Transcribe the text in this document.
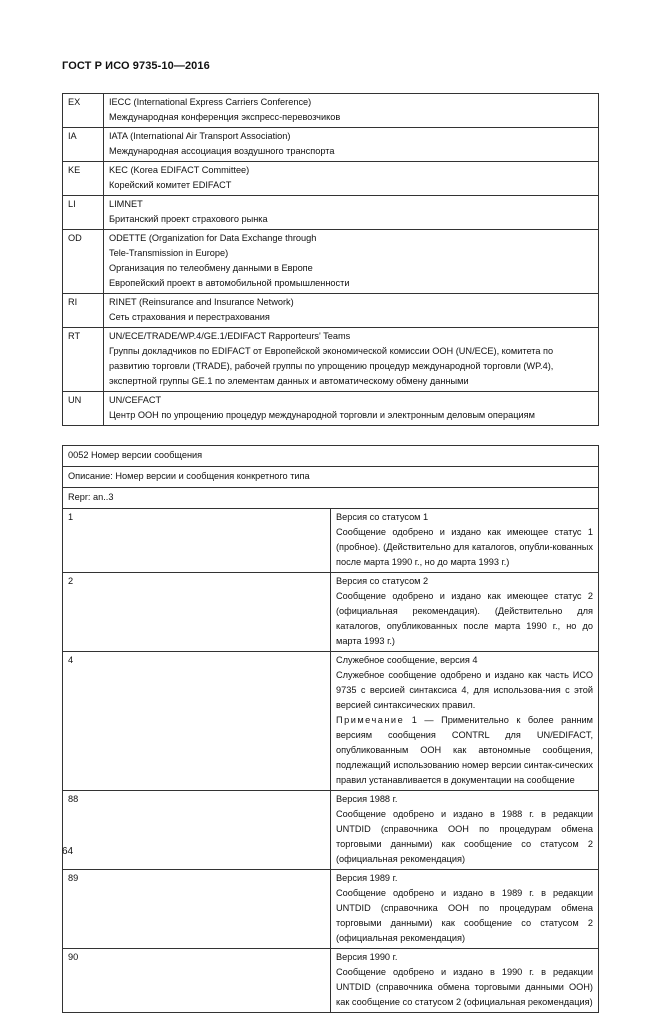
ГОСТ Р ИСО 9735-10—2016
EX	IECC (International Express Carriers Conference)
Международная конференция экспресс-перевозчиков

IA	IATA (International Air Transport Association)
Международная ассоциация воздушного транспорта

KE	KEC (Korea EDIFACT Committee)
Корейский комитет EDIFACT

LI	LIMNET
Британский проект страхового рынка

OD	ODETTE (Organization for Data Exchange through
Tele-Transmission in Europe)
Организация по телеобмену данными в Европе
Европейский проект в автомобильной промышленности

RI	RINET (Reinsurance and Insurance Network)
Сеть страхования и перестрахования

RT	UN/ECE/TRADE/WP.4/GE.1/EDIFACT Rapporteurs' Teams
Группы докладчиков по EDIFACT от Европейской экономической комиссии ООН (UN/ECE), комитета по развитию торговли (TRADE), рабочей группы по упрощению процедур международной торговли (WP.4), экспертной группы GE.1 по элементам данных и автоматическому обмену данными

UN	UN/CEFACT
Центр ООН по упрощению процедур международной торговли и электронным деловым операциям
0052 Номер версии сообщения	
Описание: Номер версии и сообщения конкретного типа	
Repr: an..3	
1	Версия со статусом 1
Сообщение одобрено и издано как имеющее статус 1 (пробное). (Действительно для каталогов, опубли-кованных после марта 1990 г., но до марта 1993 г.)

2	Версия со статусом 2
Сообщение одобрено и издано как имеющее статус 2 (официальная рекомендация). (Действительно для каталогов, опубликованных после марта 1990 г., но до марта 1993 г.)

4	Служебное сообщение, версия 4
Служебное сообщение одобрено и издано как часть ИСО 9735 с версией синтаксиса 4, для использова-ния с этой версией синтаксических правил.
Примечание 1 — Применительно к более ранним версиям сообщения CONTRL для UN/EDIFACT, опубликованным ООН как автономные сообщения, подлежащий использованию номер версии синтак-сических правил устанавливается в документации на сообщение

88	Версия 1988 г.
Сообщение одобрено и издано в 1988 г. в редакции UNTDID (справочника ООН по процедурам обмена торговыми данными) как сообщение со статусом 2 (официальная рекомендация)

89	Версия 1989 г.
Сообщение одобрено и издано в 1989 г. в редакции UNTDID (справочника ООН по процедурам обмена торговыми данными) как сообщение со статусом 2 (официальная рекомендация)

90	Версия 1990 г.
Сообщение одобрено и издано в 1990 г. в редакции UNTDID (справочника обмена торговыми данными ООН) как сообщение со статусом 2 (официальная рекомендация)
64
